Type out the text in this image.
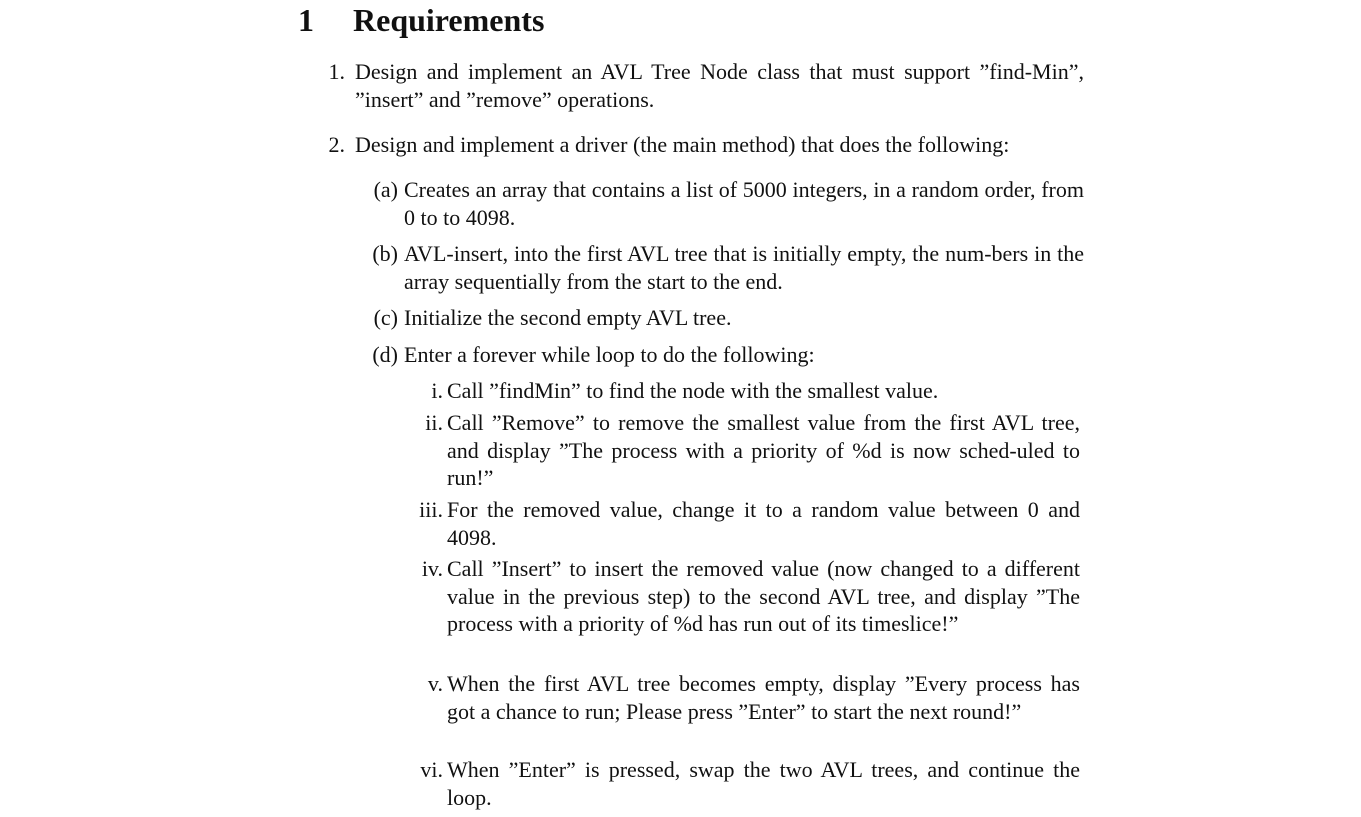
1 Requirements
1. Design and implement an AVL Tree Node class that must support ”find-Min”, ”insert” and ”remove” operations.
2. Design and implement a driver (the main method) that does the following:
(a) Creates an array that contains a list of 5000 integers, in a random order, from 0 to to 4098.
(b) AVL-insert, into the first AVL tree that is initially empty, the num-bers in the array sequentially from the start to the end.
(c) Initialize the second empty AVL tree.
(d) Enter a forever while loop to do the following:
i. Call ”findMin” to find the node with the smallest value.
ii. Call ”Remove” to remove the smallest value from the first AVL tree, and display ”The process with a priority of %d is now sched-uled to run!”
iii. For the removed value, change it to a random value between 0 and 4098.
iv. Call ”Insert” to insert the removed value (now changed to a different value in the previous step) to the second AVL tree, and display ”The process with a priority of %d has run out of its timeslice!”
v. When the first AVL tree becomes empty, display ”Every process has got a chance to run; Please press ”Enter” to start the next round!”
vi. When ”Enter” is pressed, swap the two AVL trees, and continue the loop.
